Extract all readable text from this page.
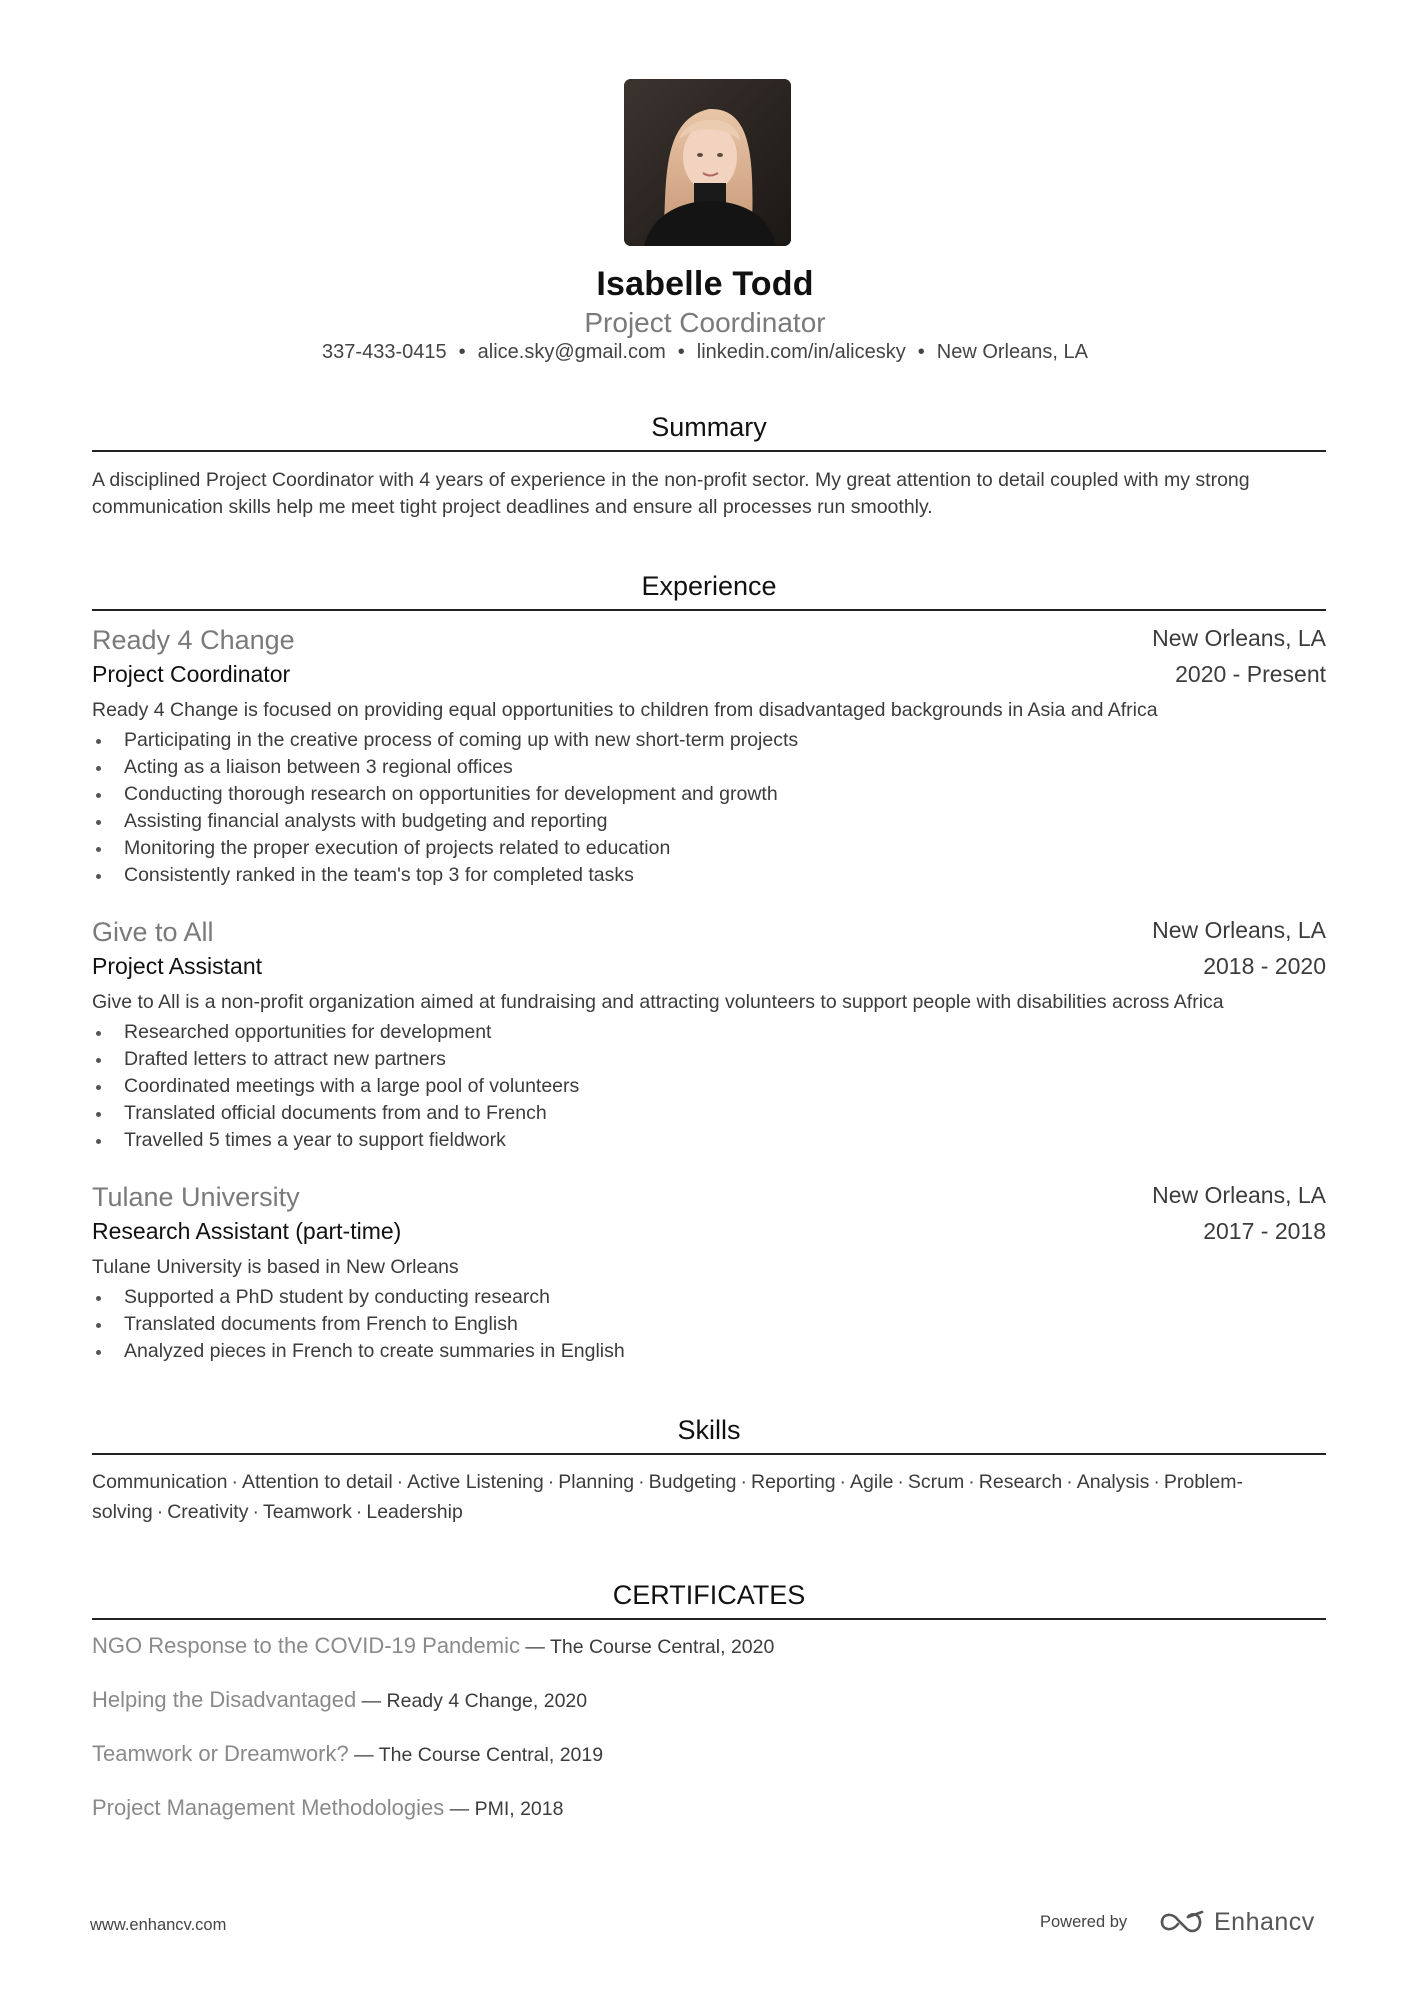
Isabelle Todd
Project Coordinator
337-433-0415 • alice.sky@gmail.com • linkedin.com/in/alicesky • New Orleans, LA
Summary
A disciplined Project Coordinator with 4 years of experience in the non-profit sector. My great attention to detail coupled with my strong communication skills help me meet tight project deadlines and ensure all processes run smoothly.
Experience
Ready 4 Change	New Orleans, LA
Project Coordinator	2020 - Present
Ready 4 Change is focused on providing equal opportunities to children from disadvantaged backgrounds in Asia and Africa
Participating in the creative process of coming up with new short-term projects
Acting as a liaison between 3 regional offices
Conducting thorough research on opportunities for development and growth
Assisting financial analysts with budgeting and reporting
Monitoring the proper execution of projects related to education
Consistently ranked in the team's top 3 for completed tasks
Give to All	New Orleans, LA
Project Assistant	2018 - 2020
Give to All is a non-profit organization aimed at fundraising and attracting volunteers to support people with disabilities across Africa
Researched opportunities for development
Drafted letters to attract new partners
Coordinated meetings with a large pool of volunteers
Translated official documents from and to French
Travelled 5 times a year to support fieldwork
Tulane University	New Orleans, LA
Research Assistant (part-time)	2017 - 2018
Tulane University is based in New Orleans
Supported a PhD student by conducting research
Translated documents from French to English
Analyzed pieces in French to create summaries in English
Skills
Communication · Attention to detail · Active Listening · Planning · Budgeting · Reporting · Agile · Scrum · Research · Analysis · Problem-solving · Creativity · Teamwork · Leadership
CERTIFICATES
NGO Response to the COVID-19 Pandemic — The Course Central, 2020
Helping the Disadvantaged — Ready 4 Change, 2020
Teamwork or Dreamwork? — The Course Central, 2019
Project Management Methodologies — PMI, 2018
www.enhancv.com	Powered by	Enhancv
